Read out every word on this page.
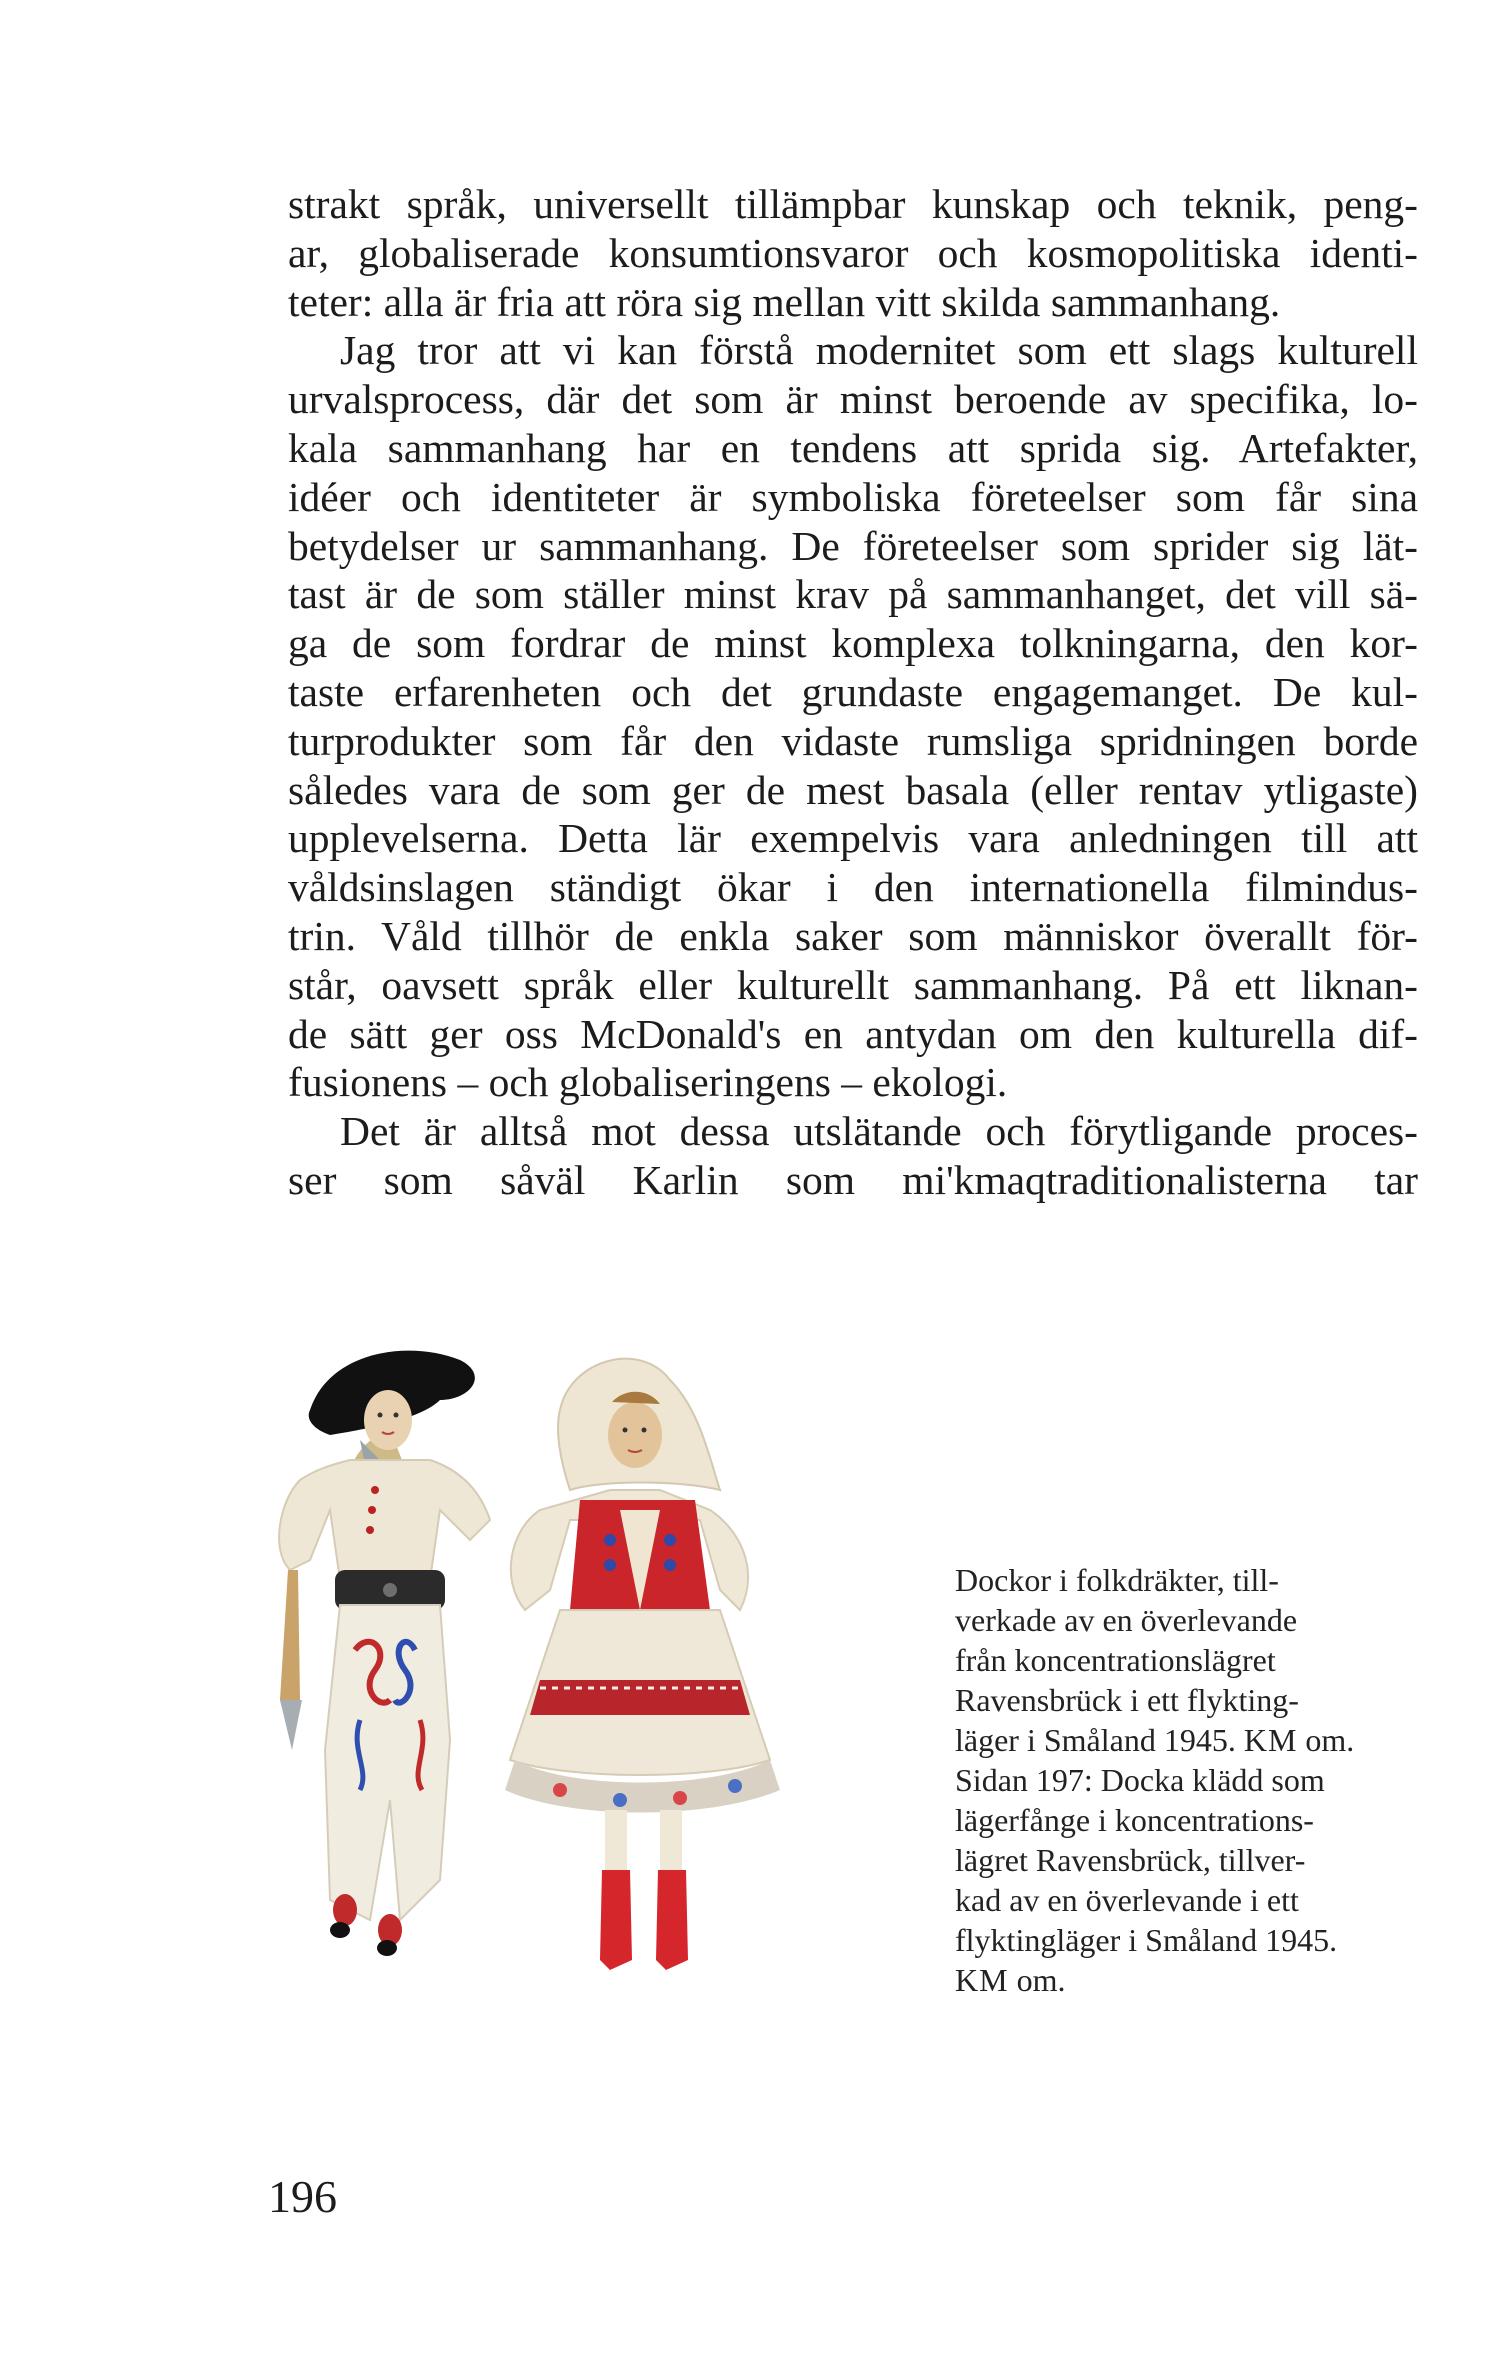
strakt språk, universellt tillämpbar kunskap och teknik, peng-
ar, globaliserade konsumtionsvaror och kosmopolitiska identi-
teter: alla är fria att röra sig mellan vitt skilda sammanhang.

Jag tror att vi kan förstå modernitet som ett slags kulturell
urvalsprocess, där det som är minst beroende av specifika, lo-
kala sammanhang har en tendens att sprida sig. Artefakter,
idéer och identiteter är symboliska företeelser som får sina
betydelser ur sammanhang. De företeelser som sprider sig lät-
tast är de som ställer minst krav på sammanhanget, det vill sä-
ga de som fordrar de minst komplexa tolkningarna, den kor-
taste erfarenheten och det grundaste engagemanget. De kul-
turprodukter som får den vidaste rumsliga spridningen borde
således vara de som ger de mest basala (eller rentav ytligaste)
upplevelserna. Detta lär exempelvis vara anledningen till att
våldsinslagen ständigt ökar i den internationella filmindus-
trin. Våld tillhör de enkla saker som människor överallt för-
står, oavsett språk eller kulturellt sammanhang. På ett liknan-
de sätt ger oss McDonald's en antydan om den kulturella dif-
fusionens – och globaliseringens – ekologi.

Det är alltså mot dessa utslätande och förytligande proces-
ser som såväl Karlin som mi'kmaqtraditionalisterna tar

Dockor i folkdräkter, till-
verkade av en överlevande
från koncentrationslägret
Ravensbrück i ett flykting-
läger i Småland 1945. KM om.
Sidan 197: Docka klädd som
lägerfånge i koncentrations-
lägret Ravensbrück, tillver-
kad av en överlevande i ett
flyktingläger i Småland 1945.
KM om.
196
